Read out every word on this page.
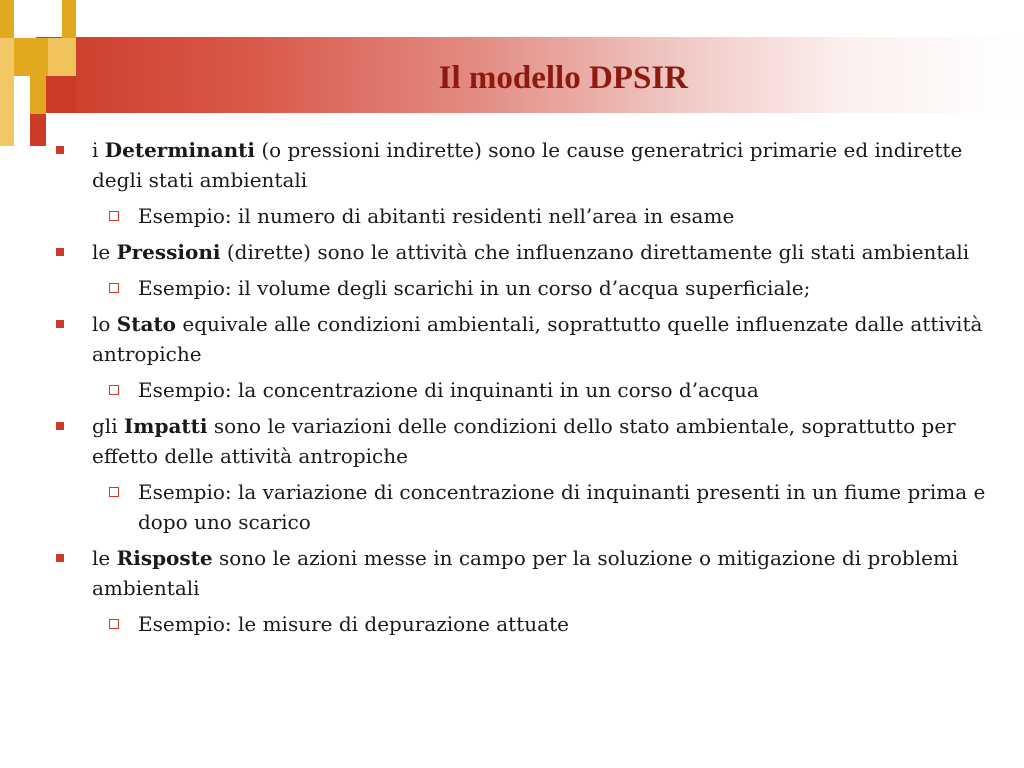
Il modello DPSIR
i Determinanti (o pressioni indirette) sono le cause generatrici primarie ed indirette degli stati ambientali
Esempio: il numero di abitanti residenti nell’area in esame
le Pressioni (dirette) sono le attività che influenzano direttamente gli stati ambientali
Esempio: il volume degli scarichi in un corso d’acqua superficiale;
lo Stato equivale alle condizioni ambientali, soprattutto quelle influenzate dalle attività antropiche
Esempio: la concentrazione di inquinanti in un corso d’acqua
gli Impatti sono le variazioni delle condizioni dello stato ambientale, soprattutto per effetto delle attività antropiche
Esempio: la variazione di concentrazione di inquinanti presenti in un fiume prima e dopo uno scarico
le Risposte sono le azioni messe in campo per la soluzione o mitigazione di problemi ambientali
Esempio: le misure di depurazione attuate
